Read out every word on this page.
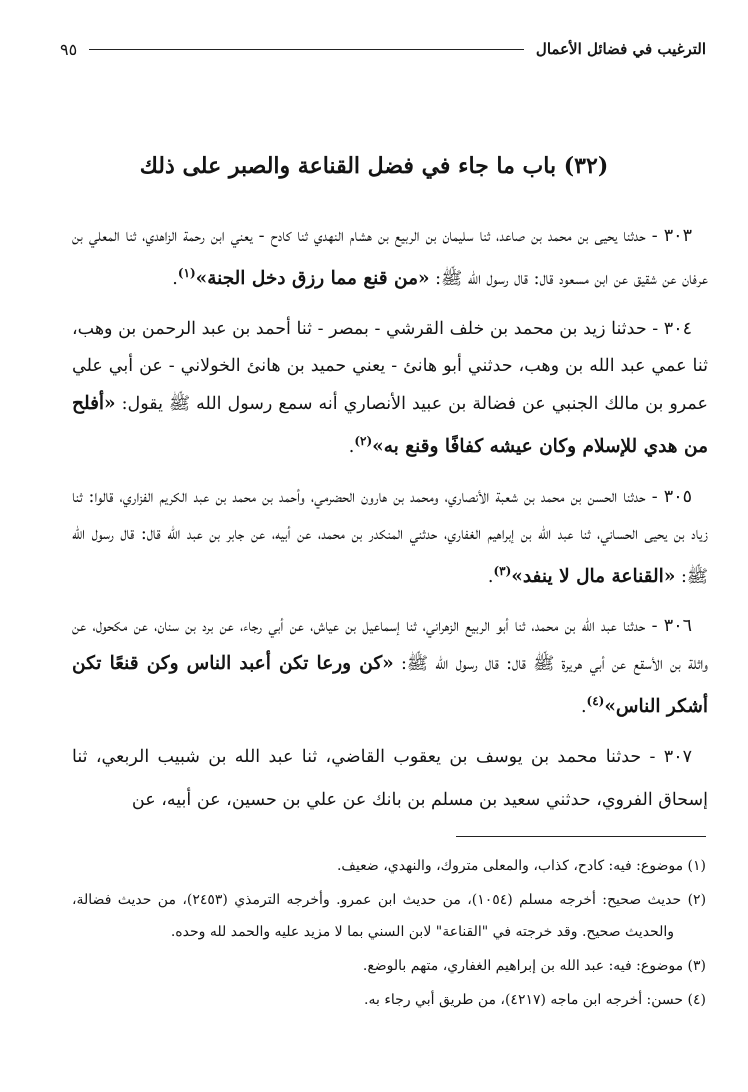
الترغيب في فضائل الأعمال
٩٥
(٣٢) باب ما جاء في فضل القناعة والصبر على ذلك

٣٠٣ - حدثنا يحيى بن محمد بن صاعد، ثنا سليمان بن الربيع بن هشام النهدي ثنا كادح - يعني ابن رحمة الزاهدي، ثنا المعلي بن عرفان عن شقيق عن ابن مسعود قال: قال رسول الله ﷺ: «من قنع مما رزق دخل الجنة»$^{(١)}$.

٣٠٤ - حدثنا زيد بن محمد بن خلف القرشي - بمصر - ثنا أحمد بن عبد الرحمن بن وهب، ثنا عمي عبد الله بن وهب، حدثني أبو هانئ - يعني حميد بن هانئ الخولاني - عن أبي علي عمرو بن مالك الجنبي عن فضالة بن عبيد الأنصاري أنه سمع رسول الله ﷺ يقول: «أفلح من هدي للإسلام وكان عيشه كفافًا وقنع به»$^{(٢)}$.

٣٠٥ - حدثنا الحسن بن محمد بن شعبة الأنصاري، ومحمد بن هارون الحضرمي، وأحمد بن محمد بن عبد الكريم الفزاري، قالوا: ثنا زياد بن يحيى الحساني، ثنا عبد الله بن إبراهيم الغفاري، حدثني المنكدر بن محمد، عن أبيه، عن جابر بن عبد الله قال: قال رسول الله ﷺ: «القناعة مال لا ينفد»$^{(٣)}$.

٣٠٦ - حدثنا عبد الله بن محمد، ثنا أبو الربيع الزهراني، ثنا إسماعيل بن عياش، عن أبي رجاء، عن برد بن سنان، عن مكحول، عن واثلة بن الأسقع عن أبي هريرة ﷺ قال: قال رسول الله ﷺ: «كن ورعا تكن أعبد الناس وكن قنعًا تكن أشكر الناس»$^{(٤)}$.

٣٠٧ - حدثنا محمد بن يوسف بن يعقوب القاضي، ثنا عبد الله بن شبيب الربعي، ثنا إسحاق الفروي، حدثني سعيد بن مسلم بن بانك عن علي بن حسين، عن أبيه، عن

(١) موضوع: فيه: كادح، كذاب، والمعلى متروك، والنهدي، ضعيف.

(٢) حديث صحيح: أخرجه مسلم (١٠٥٤)، من حديث ابن عمرو. وأخرجه الترمذي (٢٤٥٣)، من حديث فضالة، والحديث صحيح. وقد خرجته في "القناعة" لابن السني بما لا مزيد عليه والحمد لله وحده.

(٣) موضوع: فيه: عبد الله بن إبراهيم الغفاري، متهم بالوضع.

(٤) حسن: أخرجه ابن ماجه (٤٢١٧)، من طريق أبي رجاء به.
